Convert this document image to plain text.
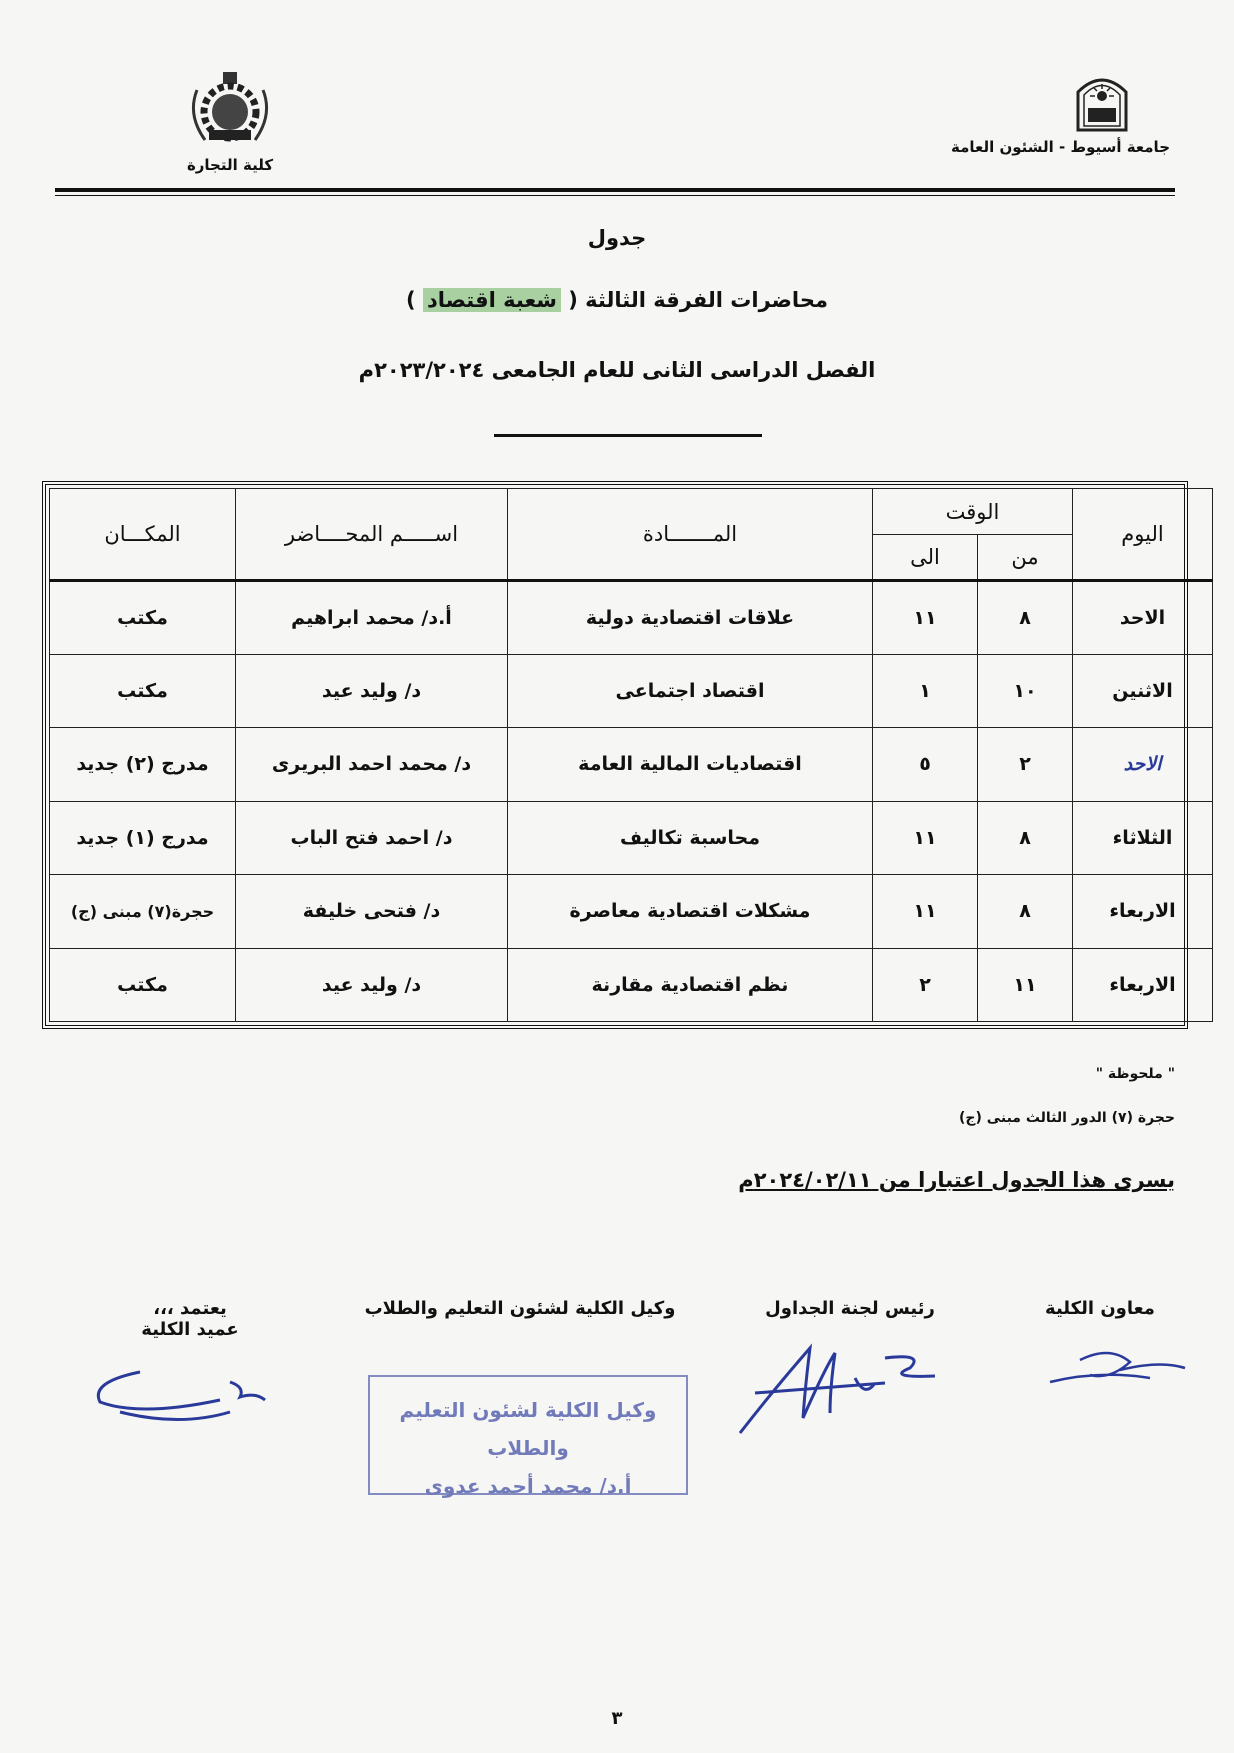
جامعة أسيوط - الشئون العامة
كلية التجارة
جدول
محاضرات الفرقة الثالثة ( شعبة اقتصاد )
الفصل الدراسى الثانى للعام الجامعى ٢٠٢٣/٢٠٢٤م
اليوم	الوقت		المـــــــادة	اســـــم المحــــاضر	المكـــان
	من	الى			
الاحد	٨	١١	علاقات اقتصادية دولية	أ.د/ محمد ابراهيم	مكتب
الاثنين	١٠	١	اقتصاد اجتماعى	د/ وليد عيد	مكتب
الاحد	٢	٥	اقتصاديات المالية العامة	د/ محمد احمد البريرى	مدرج (٢) جديد
الثلاثاء	٨	١١	محاسبة تكاليف	د/ احمد فتح الباب	مدرج (١) جديد
الاربعاء	٨	١١	مشكلات اقتصادية معاصرة	د/ فتحى خليفة	حجرة(٧) مبنى (ج)
الاربعاء	١١	٢	نظم اقتصادية مقارنة	د/ وليد عيد	مكتب
" ملحوظة "
حجرة (٧) الدور الثالث مبنى (ج)
يسرى هذا الجدول اعتبارا من ٢٠٢٤/٠٢/١١م
يعتمد ،،،
عميد الكلية
وكيل الكلية لشئون التعليم والطلاب	رئيس لجنة الجداول	معاون الكلية
وكيل الكلية لشئون التعليم والطلاب
أ.د/ محمد أحمد عدوى
٣
